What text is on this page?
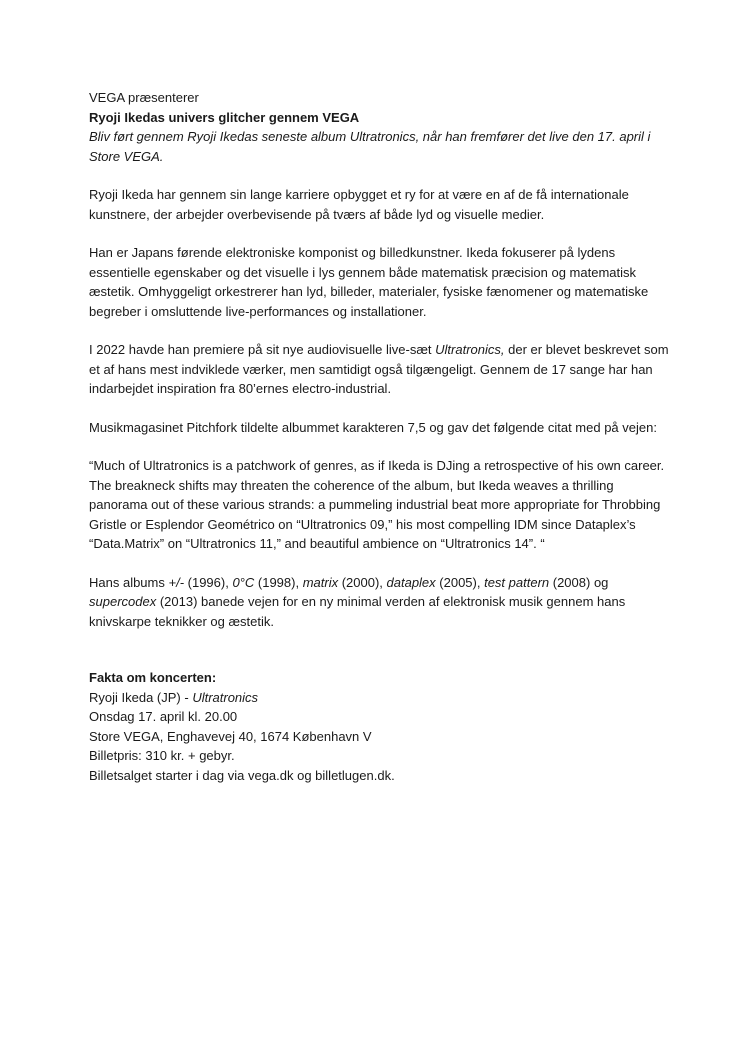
VEGA præsenterer

Ryoji Ikedas univers glitcher gennem VEGA

Bliv ført gennem Ryoji Ikedas seneste album Ultratronics, når han fremfører det live den 17. april i Store VEGA.

Ryoji Ikeda har gennem sin lange karriere opbygget et ry for at være en af de få internationale kunstnere, der arbejder overbevisende på tværs af både lyd og visuelle medier.

Han er Japans førende elektroniske komponist og billedkunstner. Ikeda fokuserer på lydens essentielle egenskaber og det visuelle i lys gennem både matematisk præcision og matematisk æstetik. Omhyggeligt orkestrerer han lyd, billeder, materialer, fysiske fænomener og matematiske begreber i omsluttende live-performances og installationer.

I 2022 havde han premiere på sit nye audiovisuelle live-sæt Ultratronics, der er blevet beskrevet som et af hans mest indviklede værker, men samtidigt også tilgængeligt. Gennem de 17 sange har han indarbejdet inspiration fra 80’ernes electro-industrial.

Musikmagasinet Pitchfork tildelte albummet karakteren 7,5 og gav det følgende citat med på vejen:

“Much of Ultratronics is a patchwork of genres, as if Ikeda is DJing a retrospective of his own career. The breakneck shifts may threaten the coherence of the album, but Ikeda weaves a thrilling panorama out of these various strands: a pummeling industrial beat more appropriate for Throbbing Gristle or Esplendor Geométrico on “Ultratronics 09,” his most compelling IDM since Dataplex’s “Data.Matrix” on “Ultratronics 11,” and beautiful ambience on “Ultratronics 14”. “

Hans albums +/- (1996), 0°C (1998), matrix (2000), dataplex (2005), test pattern (2008) og supercodex (2013) banede vejen for en ny minimal verden af elektronisk musik gennem hans knivskarpe teknikker og æstetik.

Fakta om koncerten:

Ryoji Ikeda (JP) - Ultratronics

Onsdag 17. april kl. 20.00

Store VEGA, Enghavevej 40, 1674 København V

Billetpris: 310 kr. + gebyr.

Billetsalget starter i dag via vega.dk og billetlugen.dk.
